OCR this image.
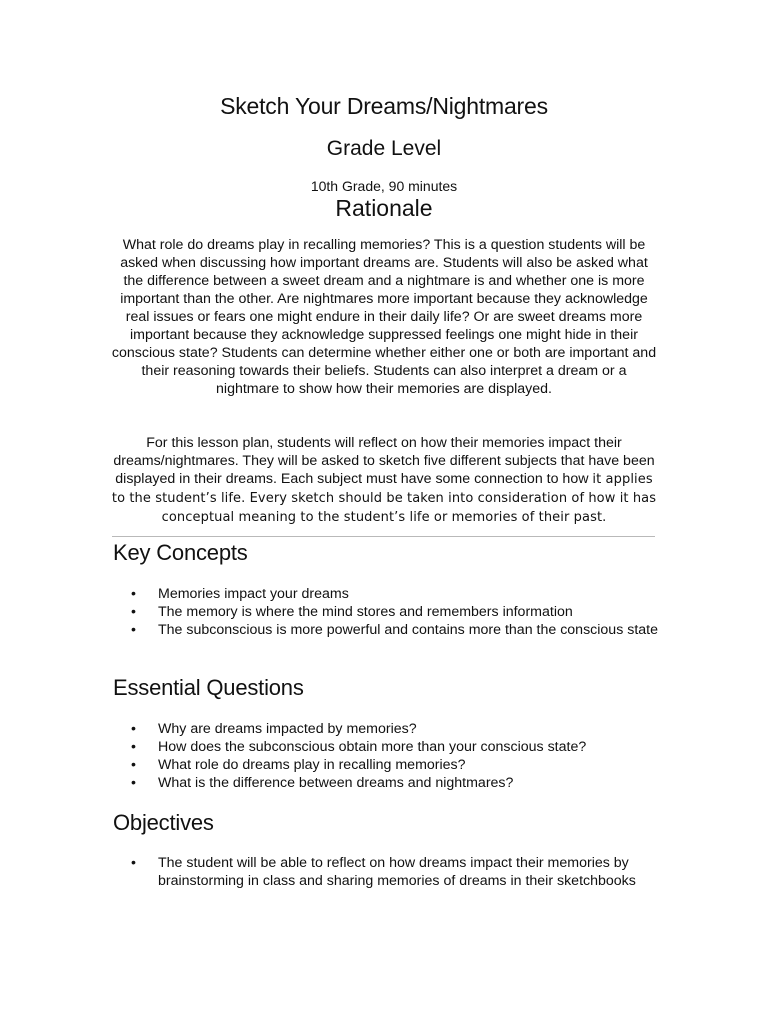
Sketch Your Dreams/Nightmares
Grade Level
10th Grade, 90 minutes
Rationale

What role do dreams play in recalling memories? This is a question students will be asked when discussing how important dreams are. Students will also be asked what the difference between a sweet dream and a nightmare is and whether one is more important than the other. Are nightmares more important because they acknowledge real issues or fears one might endure in their daily life? Or are sweet dreams more important because they acknowledge suppressed feelings one might hide in their conscious state? Students can determine whether either one or both are important and their reasoning towards their beliefs. Students can also interpret a dream or a nightmare to show how their memories are displayed.

For this lesson plan, students will reflect on how their memories impact their dreams/nightmares. They will be asked to sketch five different subjects that have been displayed in their dreams. Each subject must have some connection to how it applies to the student’s life. Every sketch should be taken into consideration of how it has conceptual meaning to the student’s life or memories of their past.

Key Concepts
•	Memories impact your dreams
•	The memory is where the mind stores and remembers information
•	The subconscious is more powerful and contains more than the conscious state
Essential Questions
•	Why are dreams impacted by memories?
•	How does the subconscious obtain more than your conscious state?
•	What role do dreams play in recalling memories?
•	What is the difference between dreams and nightmares?
Objectives
•	The student will be able to reflect on how dreams impact their memories by brainstorming in class and sharing memories of dreams in their sketchbooks
